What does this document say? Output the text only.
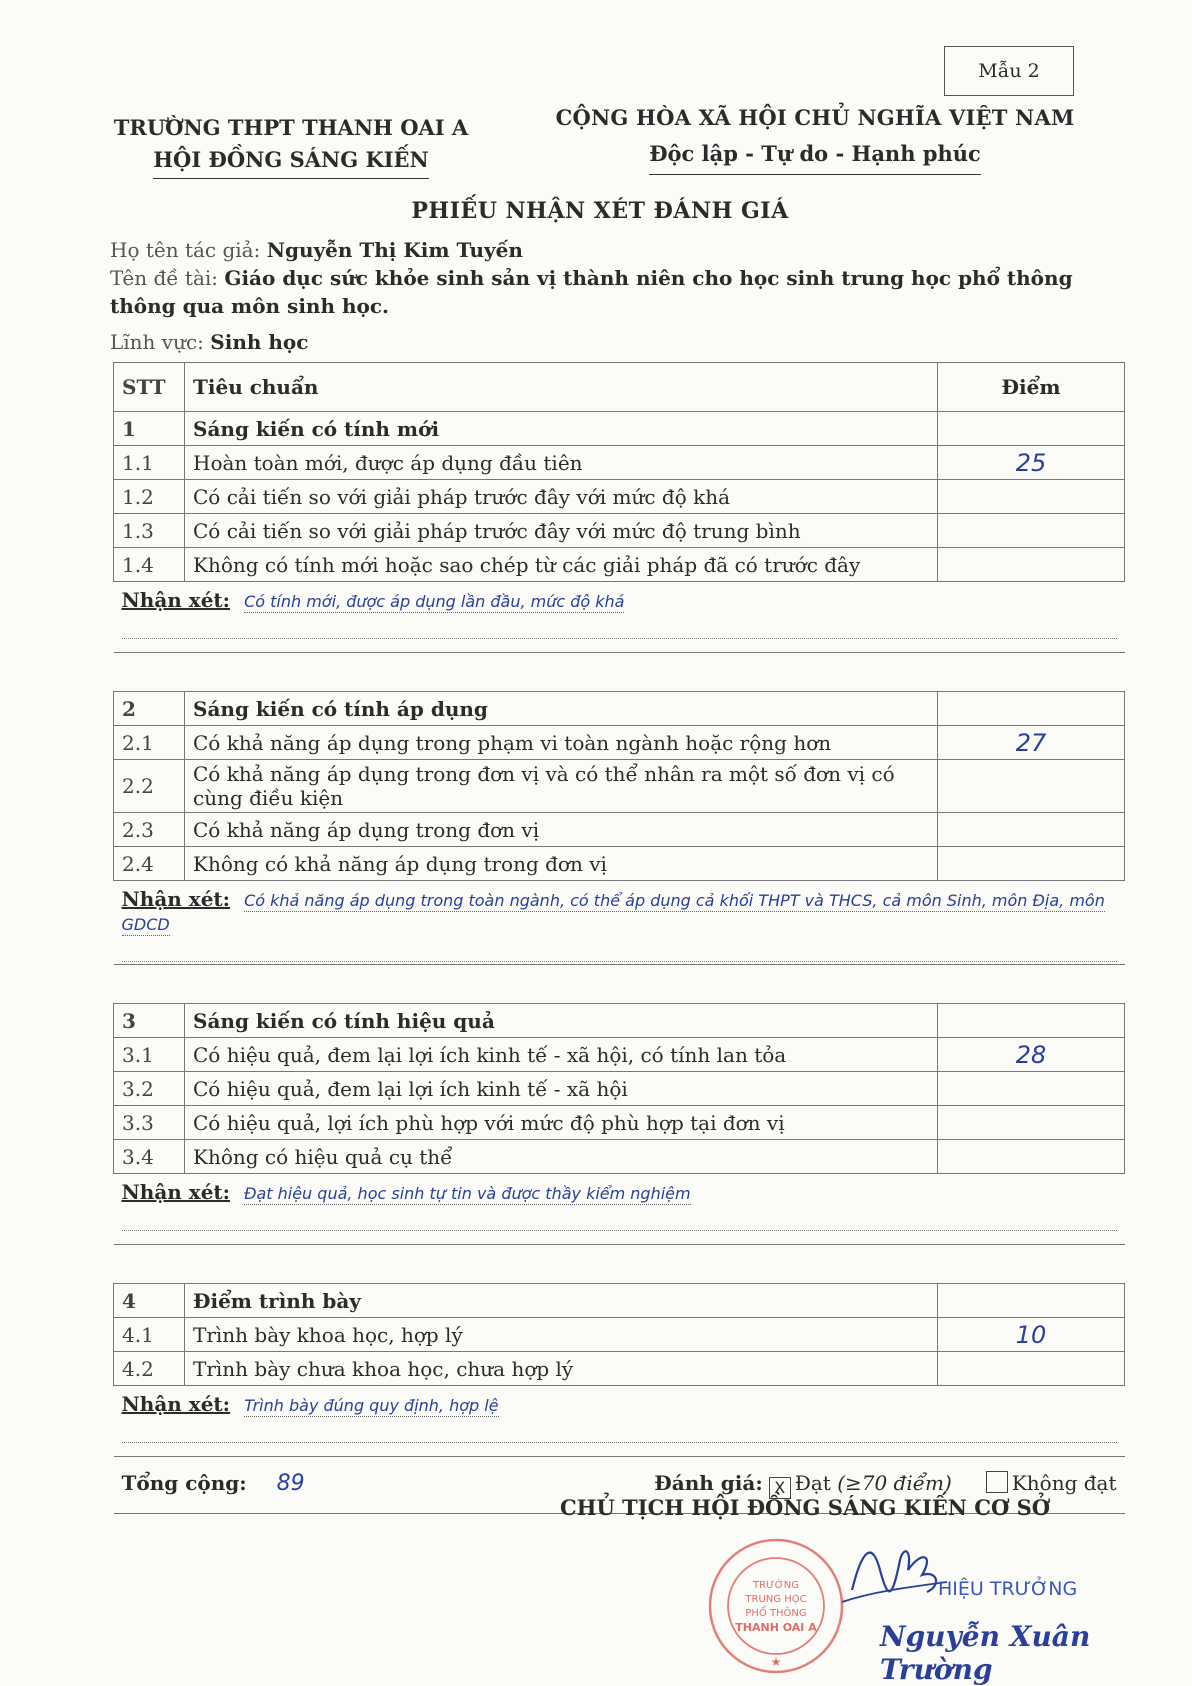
Mẫu 2
TRƯỜNG THPT THANH OAI A
HỘI ĐỒNG SÁNG KIẾN
CỘNG HÒA XÃ HỘI CHỦ NGHĨA VIỆT NAM
Độc lập - Tự do - Hạnh phúc
PHIẾU NHẬN XÉT ĐÁNH GIÁ
Họ tên tác giả: Nguyễn Thị Kim Tuyến
Tên đề tài: Giáo dục sức khỏe sinh sản vị thành niên cho học sinh trung học phổ thông thông qua môn sinh học.
Lĩnh vực: Sinh học
STT	Tiêu chuẩn	Điểm
1	Sáng kiến có tính mới	
1.1	Hoàn toàn mới, được áp dụng đầu tiên	25
1.2	Có cải tiến so với giải pháp trước đây với mức độ khá	
1.3	Có cải tiến so với giải pháp trước đây với mức độ trung bình	
1.4	Không có tính mới hoặc sao chép từ các giải pháp đã có trước đây	
Nhận xét: Có tính mới, được áp dụng lần đầu, mức độ khá		

2	Sáng kiến có tính áp dụng	
2.1	Có khả năng áp dụng trong phạm vi toàn ngành hoặc rộng hơn	27
2.2	Có khả năng áp dụng trong đơn vị và có thể nhân ra một số đơn vị có cùng điều kiện	
2.3	Có khả năng áp dụng trong đơn vị	
2.4	Không có khả năng áp dụng trong đơn vị	
Nhận xét: Có khả năng áp dụng trong toàn ngành, có thể áp dụng cả khối THPT và THCS, cả môn Sinh, môn Địa, môn GDCD		

3	Sáng kiến có tính hiệu quả	
3.1	Có hiệu quả, đem lại lợi ích kinh tế - xã hội, có tính lan tỏa	28
3.2	Có hiệu quả, đem lại lợi ích kinh tế - xã hội	
3.3	Có hiệu quả, lợi ích phù hợp với mức độ phù hợp tại đơn vị	
3.4	Không có hiệu quả cụ thể	
Nhận xét: Đạt hiệu quả, học sinh tự tin và được thầy kiểm nghiệm		

4	Điểm trình bày	
4.1	Trình bày khoa học, hợp lý	10
4.2	Trình bày chưa khoa học, chưa hợp lý	
Nhận xét: Trình bày đúng quy định, hợp lệ		

Tổng cộng: 89 Đánh giá: X Đạt (≥70 điểm) Không đạt		
CHỦ TỊCH HỘI ĐỒNG SÁNG KIẾN CƠ SỞ
TRƯỜNG
TRUNG HỌC
PHỔ THÔNG
THANH OAI A
★
HIỆU TRƯỞNG
Nguyễn Xuân Trường
